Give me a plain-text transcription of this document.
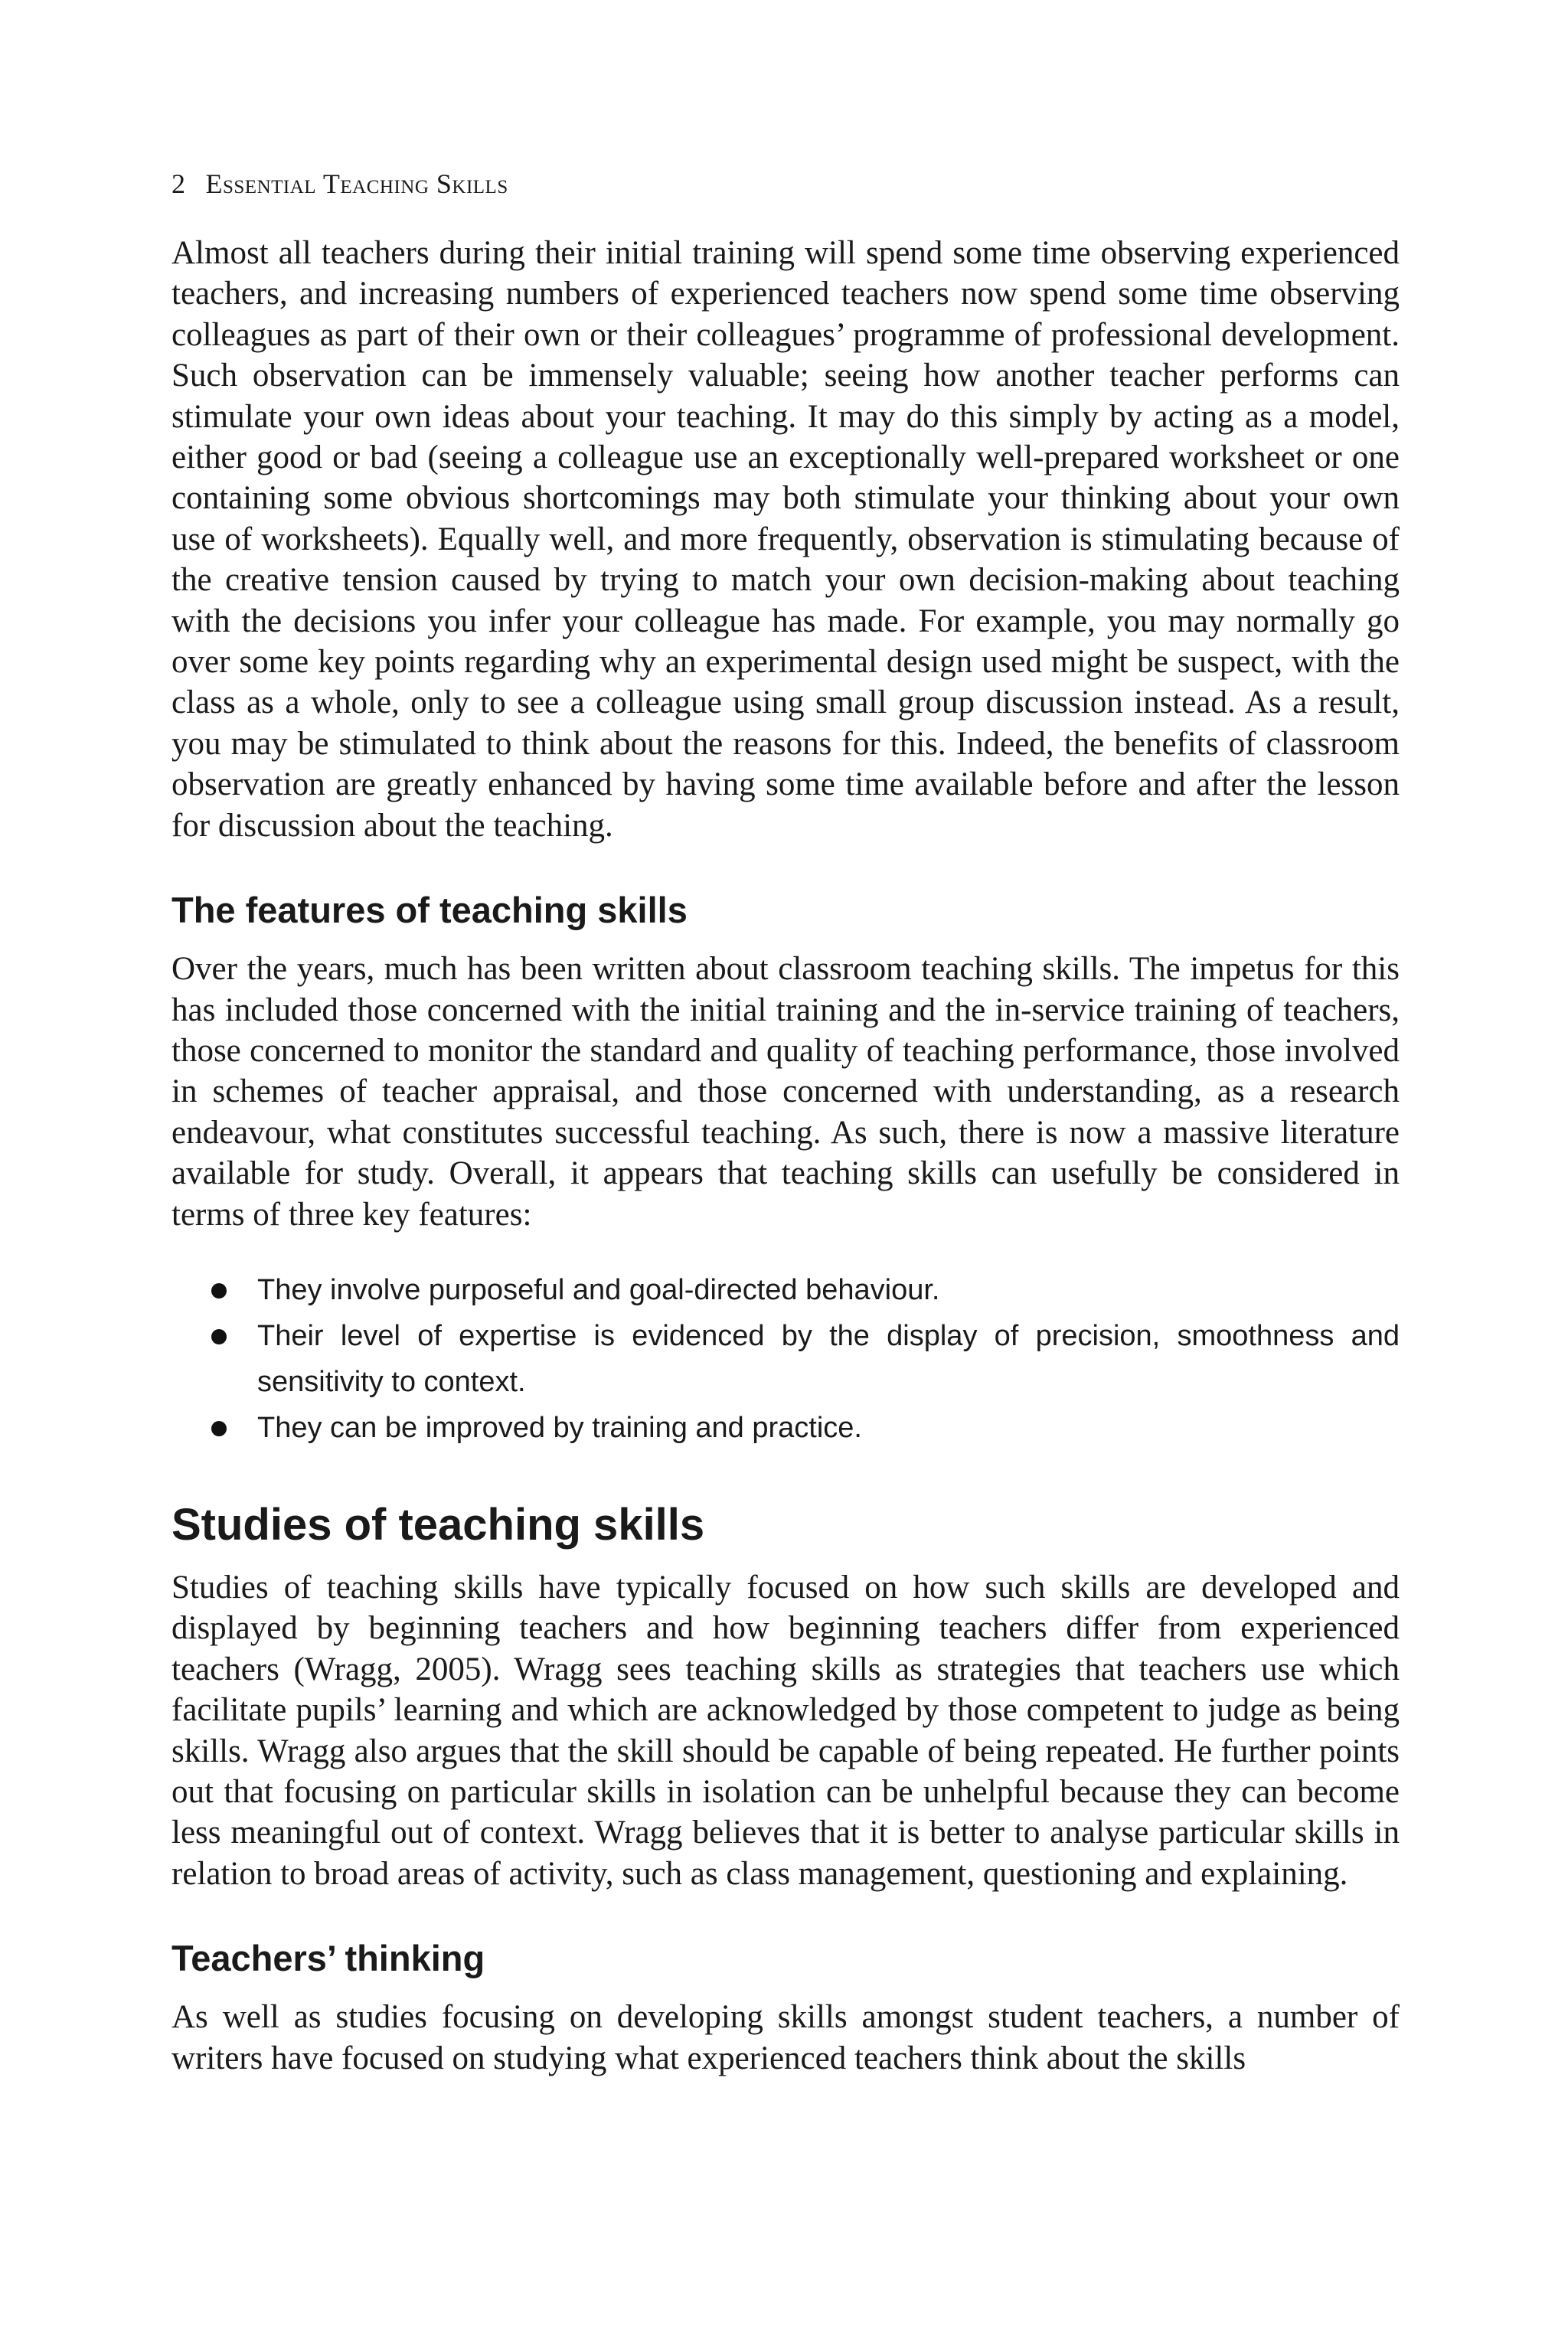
2 Essential Teaching Skills

Almost all teachers during their initial training will spend some time observing experienced teachers, and increasing numbers of experienced teachers now spend some time observing colleagues as part of their own or their colleagues’ programme of professional development. Such observation can be immensely valuable; seeing how another teacher performs can stimulate your own ideas about your teaching. It may do this simply by acting as a model, either good or bad (seeing a colleague use an exceptionally well-prepared worksheet or one containing some obvious shortcomings may both stimulate your thinking about your own use of worksheets). Equally well, and more frequently, observation is stimulating because of the creative tension caused by trying to match your own decision-making about teaching with the decisions you infer your colleague has made. For example, you may normally go over some key points regarding why an experimental design used might be suspect, with the class as a whole, only to see a colleague using small group discussion instead. As a result, you may be stimulated to think about the reasons for this. Indeed, the benefits of classroom observation are greatly enhanced by having some time available before and after the lesson for discussion about the teaching.

The features of teaching skills

Over the years, much has been written about classroom teaching skills. The impetus for this has included those concerned with the initial training and the in-service training of teachers, those concerned to monitor the standard and quality of teaching performance, those involved in schemes of teacher appraisal, and those concerned with understanding, as a research endeavour, what constitutes successful teaching. As such, there is now a massive literature available for study. Overall, it appears that teaching skills can usefully be considered in terms of three key features:

They involve purposeful and goal-directed behaviour.
Their level of expertise is evidenced by the display of precision, smoothness and sensitivity to context.
They can be improved by training and practice.
Studies of teaching skills

Studies of teaching skills have typically focused on how such skills are developed and displayed by beginning teachers and how beginning teachers differ from experienced teachers (Wragg, 2005). Wragg sees teaching skills as strategies that teachers use which facilitate pupils’ learning and which are acknowledged by those competent to judge as being skills. Wragg also argues that the skill should be capable of being repeated. He further points out that focusing on particular skills in isolation can be unhelpful because they can become less meaningful out of context. Wragg believes that it is better to analyse particular skills in relation to broad areas of activity, such as class management, questioning and explaining.

Teachers’ thinking

As well as studies focusing on developing skills amongst student teachers, a number of writers have focused on studying what experienced teachers think about the skills
